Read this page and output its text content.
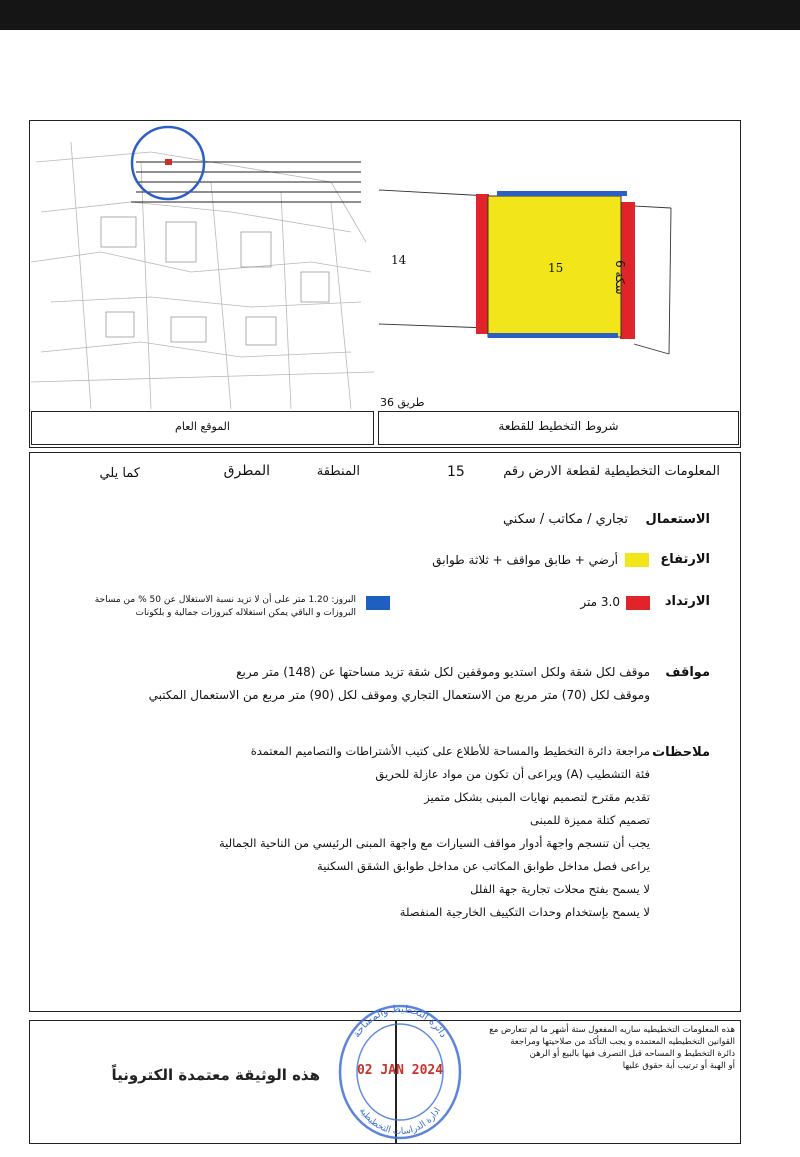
طريق 36
15
14	سكة 6
الموقع العام	شروط التخطيط للقطعة
المعلومات التخطيطية لقطعة الارض رقم
15
المنطقة
المطرق
كما يلي
الاستعمال
تجاري / مكاتب / سكني
الارتفاع
أرضي + طابق مواقف + ثلاثة طوابق
الارتداد
3.0 متر
البروز: 1.20 متر على أن لا تزيد نسبة الاستغلال عن 50 % من مساحة
البروزات و الباقي يمكن استغلاله كبروزات جمالية و بلكونات
مواقف
موقف لكل شقة ولكل استديو وموقفين لكل شقة تزيد مساحتها عن (148) متر مربع
وموقف لكل (70) متر مربع من الاستعمال التجاري وموقف لكل (90) متر مربع من الاستعمال المكتبي
ملاحظات
مراجعة دائرة التخطيط والمساحة للأطلاع على كتيب الأشتراطات والتصاميم المعتمدة
فئة التشطيب (A) ويراعى أن تكون من مواد عازلة للحريق
تقديم مقترح لتصميم نهايات المبنى بشكل متميز
تصميم كتلة مميزة للمبنى
يجب أن تنسجم واجهة أدوار مواقف السيارات مع واجهة المبنى الرئيسي من الناحية الجمالية
يراعى فصل مداخل طوابق المكاتب عن مداخل طوابق الشقق السكنية
لا يسمح بفتح محلات تجارية جهة الفلل
لا يسمح بإستخدام وحدات التكييف الخارجية المنفصلة
هذه المعلومات التخطيطيه ساريه المفعول ستة أشهر ما لم تتعارض مع
القوانين التخطيطيه المعتمده و يجب التأكد من صلاحيتها ومراجعة
دائرة التخطيط و المساحه قبل التصرف فيها بالبيع أو الرهن
أو الهبة أو ترتيب أية حقوق عليها
دائرة التخطيط والمساحة
ادارة الدراسات التخطيطية
02 JAN 2024
هذه الوثيقة معتمدة الكترونياً
